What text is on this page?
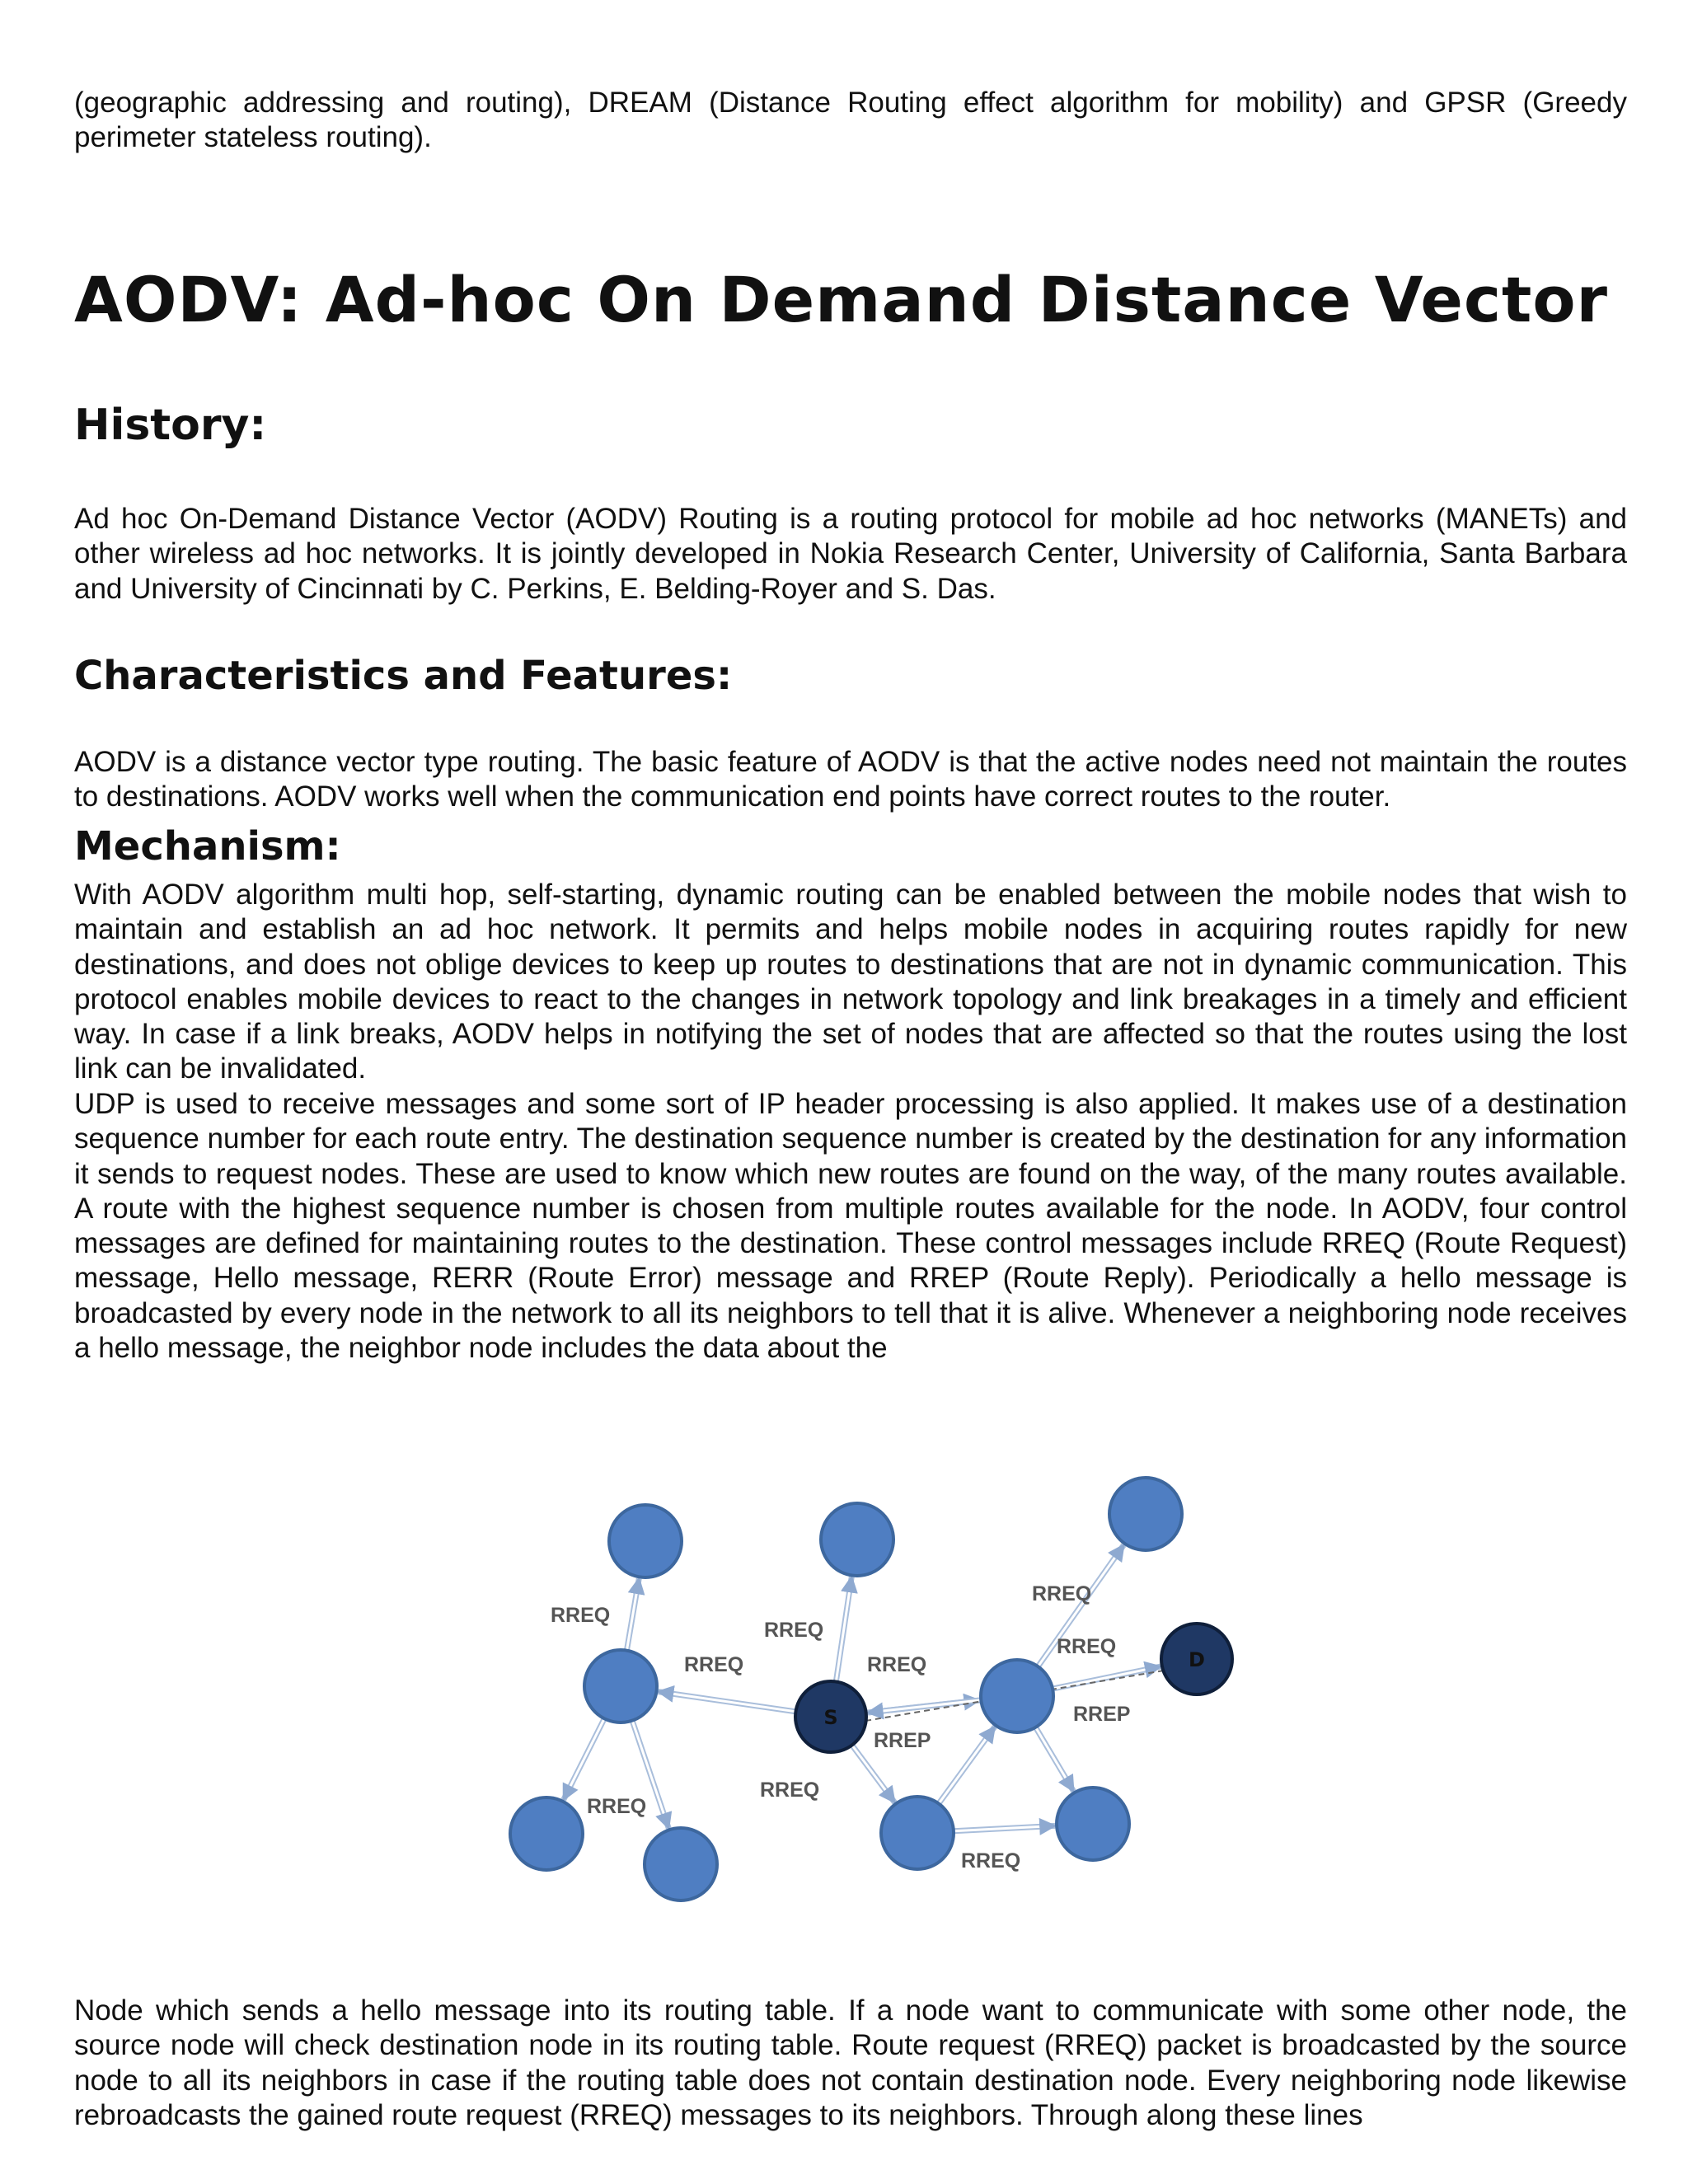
(geographic addressing and routing), DREAM (Distance Routing effect algorithm for mobility) and GPSR (Greedy perimeter stateless routing).

AODV: Ad-hoc On Demand Distance Vector
History:

Ad hoc On-Demand Distance Vector (AODV) Routing is a routing protocol for mobile ad hoc networks (MANETs) and other wireless ad hoc networks. It is jointly developed in Nokia Research Center, University of California, Santa Barbara and University of Cincinnati by C. Perkins, E. Belding-Royer and S. Das.

Characteristics and Features:

AODV is a distance vector type routing. The basic feature of AODV is that the active nodes need not maintain the routes to destinations. AODV works well when the communication end points have correct routes to the router.

Mechanism:

With AODV algorithm multi hop, self-starting, dynamic routing can be enabled between the mobile nodes that wish to maintain and establish an ad hoc network. It permits and helps mobile nodes in acquiring routes rapidly for new destinations, and does not oblige devices to keep up routes to destinations that are not in dynamic communication. This protocol enables mobile devices to react to the changes in network topology and link breakages in a timely and efficient way. In case if a link breaks, AODV helps in notifying the set of nodes that are affected so that the routes using the lost link can be invalidated.

UDP is used to receive messages and some sort of IP header processing is also applied. It makes use of a destination sequence number for each route entry. The destination sequence number is created by the destination for any information it sends to request nodes. These are used to know which new routes are found on the way, of the many routes available. A route with the highest sequence number is chosen from multiple routes available for the node. In AODV, four control messages are defined for maintaining routes to the destination. These control messages include RREQ (Route Request) message, Hello message, RERR (Route Error) message and RREP (Route Reply). Periodically a hello message is broadcasted by every node in the network to all its neighbors to tell that it is alive. Whenever a neighboring node receives a hello message, the neighbor node includes the data about the

S
D
RREQ
RREQ
RREQ
RREQ
RREQ
RREQ
RREQ
RREQ
RREQ
RREP
RREP

Node which sends a hello message into its routing table. If a node want to communicate with some other node, the source node will check destination node in its routing table. Route request (RREQ) packet is broadcasted by the source node to all its neighbors in case if the routing table does not contain destination node. Every neighboring node likewise rebroadcasts the gained route request (RREQ) messages to its neighbors. Through along these lines
